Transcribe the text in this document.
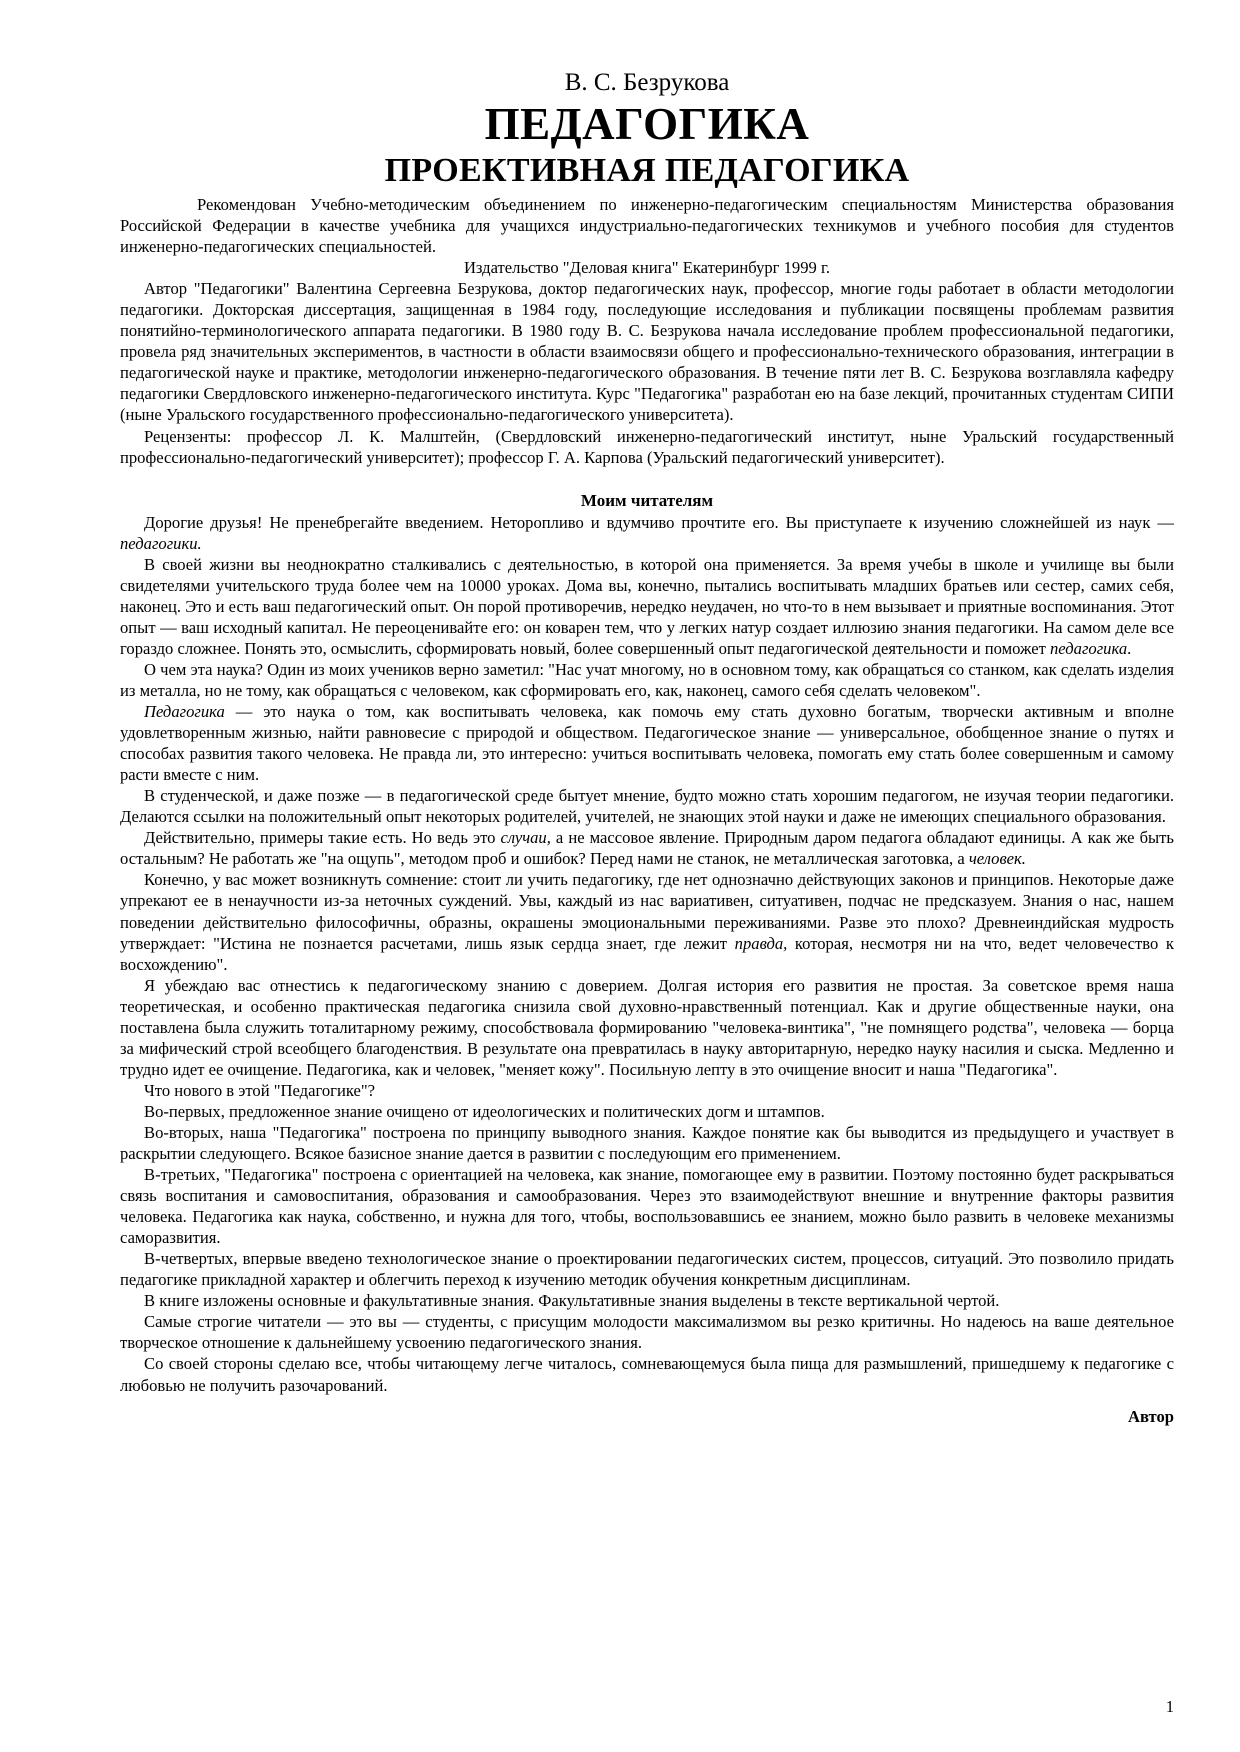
В. С. Безрукова
ПЕДАГОГИКА
ПРОЕКТИВНАЯ ПЕДАГОГИКА

Рекомендован Учебно-методическим объединением по инженерно-педагогическим специальностям Министерства образования Российской Федерации в качестве учебника для учащихся индустриально-педагогических техникумов и учебного пособия для студентов инженерно-педагогических специальностей.

Издательство "Деловая книга" Екатеринбург 1999 г.

Автор "Педагогики" Валентина Сергеевна Безрукова, доктор педагогических наук, профессор, многие годы работает в области методологии педагогики. Докторская диссертация, защищенная в 1984 году, последующие исследования и публикации посвящены проблемам развития понятийно-терминологического аппарата педагогики. В 1980 году В. С. Безрукова начала исследование проблем профессиональной педагогики, провела ряд значительных экспериментов, в частности в области взаимосвязи общего и профессионально-технического образования, интеграции в педагогической науке и практике, методологии инженерно-педагогического образования. В течение пяти лет В. С. Безрукова возглавляла кафедру педагогики Свердловского инженерно-педагогического института. Курс "Педагогика" разработан ею на базе лекций, прочитанных студентам СИПИ (ныне Уральского государственного профессионально-педагогического университета).

Рецензенты: профессор Л. К. Малштейн, (Свердловский инженерно-педагогический институт, ныне Уральский государственный профессионально-педагогический университет); профессор Г. А. Карпова (Уральский педагогический университет).

Моим читателям

Дорогие друзья! Не пренебрегайте введением. Неторопливо и вдумчиво прочтите его. Вы приступаете к изучению сложнейшей из наук — педагогики.

В своей жизни вы неоднократно сталкивались с деятельностью, в которой она применяется. За время учебы в школе и училище вы были свидетелями учительского труда более чем на 10000 уроках. Дома вы, конечно, пытались воспитывать младших братьев или сестер, самих себя, наконец. Это и есть ваш педагогический опыт. Он порой противоречив, нередко неудачен, но что-то в нем вызывает и приятные воспоминания. Этот опыт — ваш исходный капитал. Не переоценивайте его: он коварен тем, что у легких натур создает иллюзию знания педагогики. На самом деле все гораздо сложнее. Понять это, осмыслить, сформировать новый, более совершенный опыт педагогической деятельности и поможет педагогика.

О чем эта наука? Один из моих учеников верно заметил: "Нас учат многому, но в основном тому, как обращаться со станком, как сделать изделия из металла, но не тому, как обращаться с человеком, как сформировать его, как, наконец, самого себя сделать человеком".

Педагогика — это наука о том, как воспитывать человека, как помочь ему стать духовно богатым, творчески активным и вполне удовлетворенным жизнью, найти равновесие с природой и обществом. Педагогическое знание — универсальное, обобщенное знание о путях и способах развития такого человека. Не правда ли, это интересно: учиться воспитывать человека, помогать ему стать более совершенным и самому расти вместе с ним.

В студенческой, и даже позже — в педагогической среде бытует мнение, будто можно стать хорошим педагогом, не изучая теории педагогики. Делаются ссылки на положительный опыт некоторых родителей, учителей, не знающих этой науки и даже не имеющих специального образования.

Действительно, примеры такие есть. Но ведь это случаи, а не массовое явление. Природным даром педагога обладают единицы. А как же быть остальным? Не работать же "на ощупь", методом проб и ошибок? Перед нами не станок, не металлическая заготовка, а человек.

Конечно, у вас может возникнуть сомнение: стоит ли учить педагогику, где нет однозначно действующих законов и принципов. Некоторые даже упрекают ее в ненаучности из-за неточных суждений. Увы, каждый из нас вариативен, ситуативен, подчас не предсказуем. Знания о нас, нашем поведении действительно философичны, образны, окрашены эмоциональными переживаниями. Разве это плохо? Древнеиндийская мудрость утверждает: "Истина не познается расчетами, лишь язык сердца знает, где лежит правда, которая, несмотря ни на что, ведет человечество к восхождению".

Я убеждаю вас отнестись к педагогическому знанию с доверием. Долгая история его развития не простая. За советское время наша теоретическая, и особенно практическая педагогика снизила свой духовно-нравственный потенциал. Как и другие общественные науки, она поставлена была служить тоталитарному режиму, способствовала формированию "человека-винтика", "не помнящего родства", человека — борца за мифический строй всеобщего благоденствия. В результате она превратилась в науку авторитарную, нередко науку насилия и сыска. Медленно и трудно идет ее очищение. Педагогика, как и человек, "меняет кожу". Посильную лепту в это очищение вносит и наша "Педагогика".

Что нового в этой "Педагогике"?

Во-первых, предложенное знание очищено от идеологических и политических догм и штампов.

Во-вторых, наша "Педагогика" построена по принципу выводного знания. Каждое понятие как бы выводится из предыдущего и участвует в раскрытии следующего. Всякое базисное знание дается в развитии с последующим его применением.

В-третьих, "Педагогика" построена с ориентацией на человека, как знание, помогающее ему в развитии. Поэтому постоянно будет раскрываться связь воспитания и самовоспитания, образования и самообразования. Через это взаимодействуют внешние и внутренние факторы развития человека. Педагогика как наука, собственно, и нужна для того, чтобы, воспользовавшись ее знанием, можно было развить в человеке механизмы саморазвития.

В-четвертых, впервые введено технологическое знание о проектировании педагогических систем, процессов, ситуаций. Это позволило придать педагогике прикладной характер и облегчить переход к изучению методик обучения конкретным дисциплинам.

В книге изложены основные и факультативные знания. Факультативные знания выделены в тексте вертикальной чертой.

Самые строгие читатели — это вы — студенты, с присущим молодости максимализмом вы резко критичны. Но надеюсь на ваше деятельное творческое отношение к дальнейшему усвоению педагогического знания.

Со своей стороны сделаю все, чтобы читающему легче читалось, сомневающемуся была пища для размышлений, пришедшему к педагогике с любовью не получить разочарований.

Автор

1
